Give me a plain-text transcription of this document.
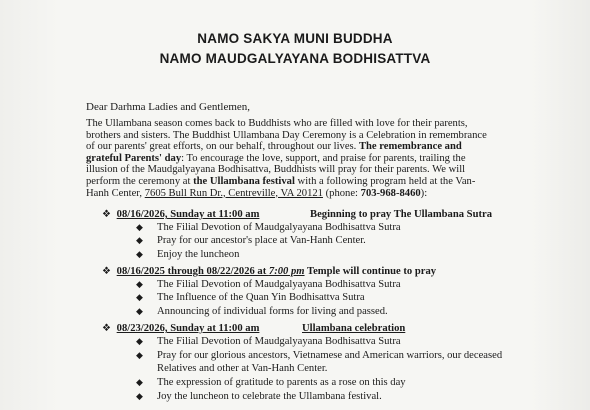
NAMO SAKYA MUNI BUDDHA
NAMO MAUDGALYAYANA BODHISATTVA
Dear Darhma Ladies and Gentlemen,
The Ullambana season comes back to Buddhists who are filled with love for their parents,
brothers and sisters. The Buddhist Ullambana Day Ceremony is a Celebration in remembrance
of our parents' great efforts, on our behalf, throughout our lives. The remembrance and
grateful Parents' day: To encourage the love, support, and praise for parents, trailing the
illusion of the Maudgalyayana Bodhisattva, Buddhists will pray for their parents. We will
perform the ceremony at the Ullambana festival with a following program held at the Van-
Hanh Center, 7605 Bull Run Dr., Centreville, VA 20121 (phone: 703-968-8460):
❖ 08/16/2026, Sunday at 11:00 am	Beginning to pray The Ullambana Sutra
◆ The Filial Devotion of Maudgalyayana Bodhisattva Sutra
◆ Pray for our ancestor's place at Van-Hanh Center.
◆ Enjoy the luncheon
❖ 08/16/2025 through 08/22/2026 at 7:00 pm Temple will continue to pray
◆ The Filial Devotion of Maudgalyayana Bodhisattva Sutra
◆ The Influence of the Quan Yin Bodhisattva Sutra
◆ Announcing of individual forms for living and passed.
❖ 08/23/2026, Sunday at 11:00 am	Ullambana celebration
◆ The Filial Devotion of Maudgalyayana Bodhisattva Sutra
◆ Pray for our glorious ancestors, Vietnamese and American warriors, our deceased
Relatives and other at Van-Hanh Center.
◆ The expression of gratitude to parents as a rose on this day
◆ Joy the luncheon to celebrate the Ullambana festival.
